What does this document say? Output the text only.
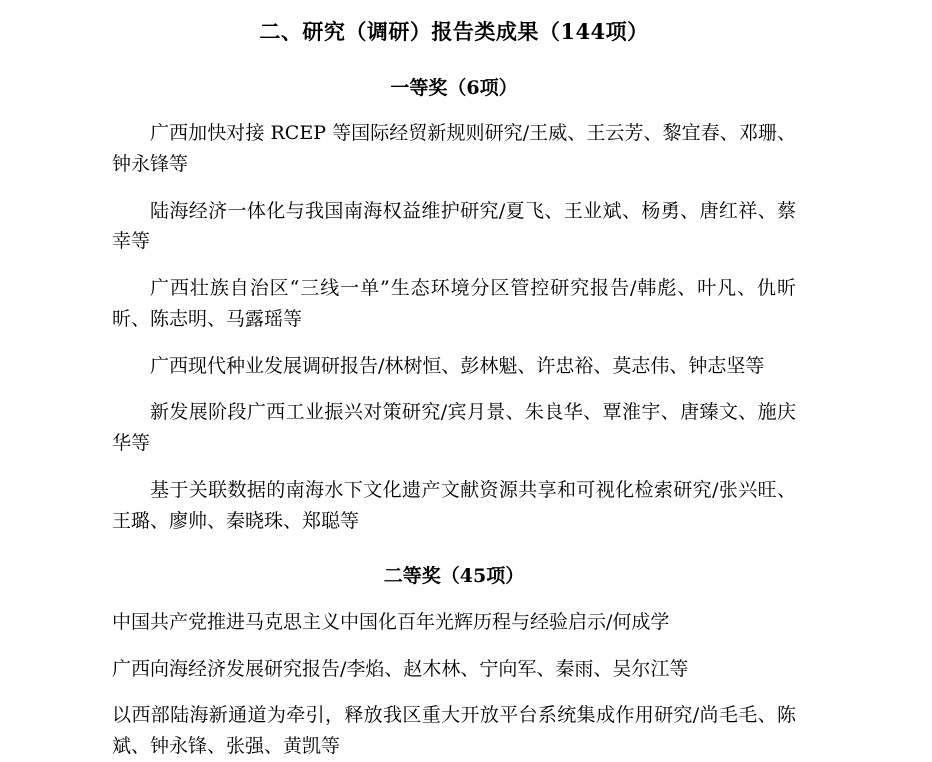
二、研究（调研）报告类成果（144项）
一等奖（6项）

广西加快对接 RCEP 等国际经贸新规则研究/王威、王云芳、黎宜春、邓珊、钟永锋等

陆海经济一体化与我国南海权益维护研究/夏飞、王业斌、杨勇、唐红祥、蔡幸等

广西壮族自治区“三线一单”生态环境分区管控研究报告/韩彪、叶凡、仇昕昕、陈志明、马露瑶等

广西现代种业发展调研报告/林树恒、彭林魁、许忠裕、莫志伟、钟志坚等

新发展阶段广西工业振兴对策研究/宾月景、朱良华、覃淮宇、唐臻文、施庆华等

基于关联数据的南海水下文化遗产文献资源共享和可视化检索研究/张兴旺、王璐、廖帅、秦晓珠、郑聪等

二等奖（45项）

中国共产党推进马克思主义中国化百年光辉历程与经验启示/何成学

广西向海经济发展研究报告/李焰、赵木林、宁向军、秦雨、吴尔江等

以西部陆海新通道为牵引，释放我区重大开放平台系统集成作用研究/尚毛毛、陈斌、钟永锋、张强、黄凯等
